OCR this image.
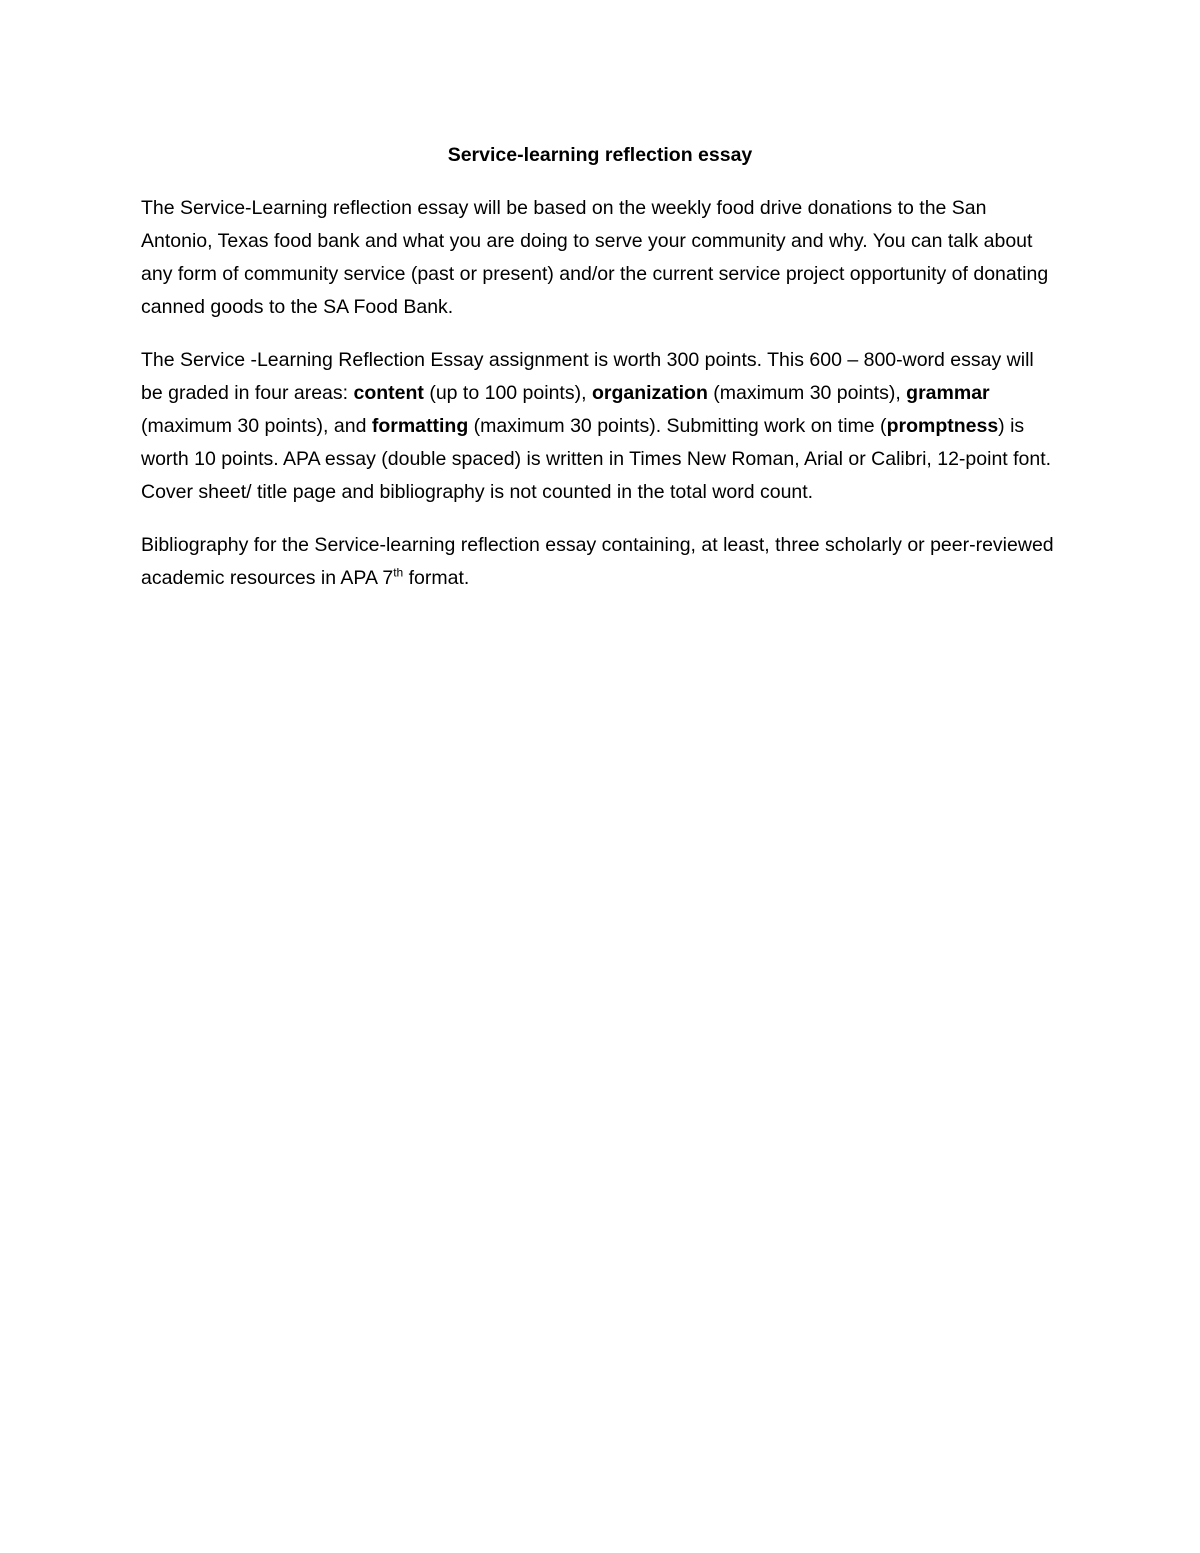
Service-learning reflection essay

The Service-Learning reflection essay will be based on the weekly food drive donations to the San Antonio, Texas food bank and what you are doing to serve your community and why. You can talk about any form of community service (past or present) and/or the current service project opportunity of donating canned goods to the SA Food Bank.

The Service -Learning Reflection Essay assignment is worth 300 points. This 600 – 800-word essay will be graded in four areas: content (up to 100 points), organization (maximum 30 points), grammar (maximum 30 points), and formatting (maximum 30 points). Submitting work on time (promptness) is worth 10 points. APA essay (double spaced) is written in Times New Roman, Arial or Calibri, 12-point font. Cover sheet/ title page and bibliography is not counted in the total word count.

Bibliography for the Service-learning reflection essay containing, at least, three scholarly or peer-reviewed academic resources in APA 7th format.
